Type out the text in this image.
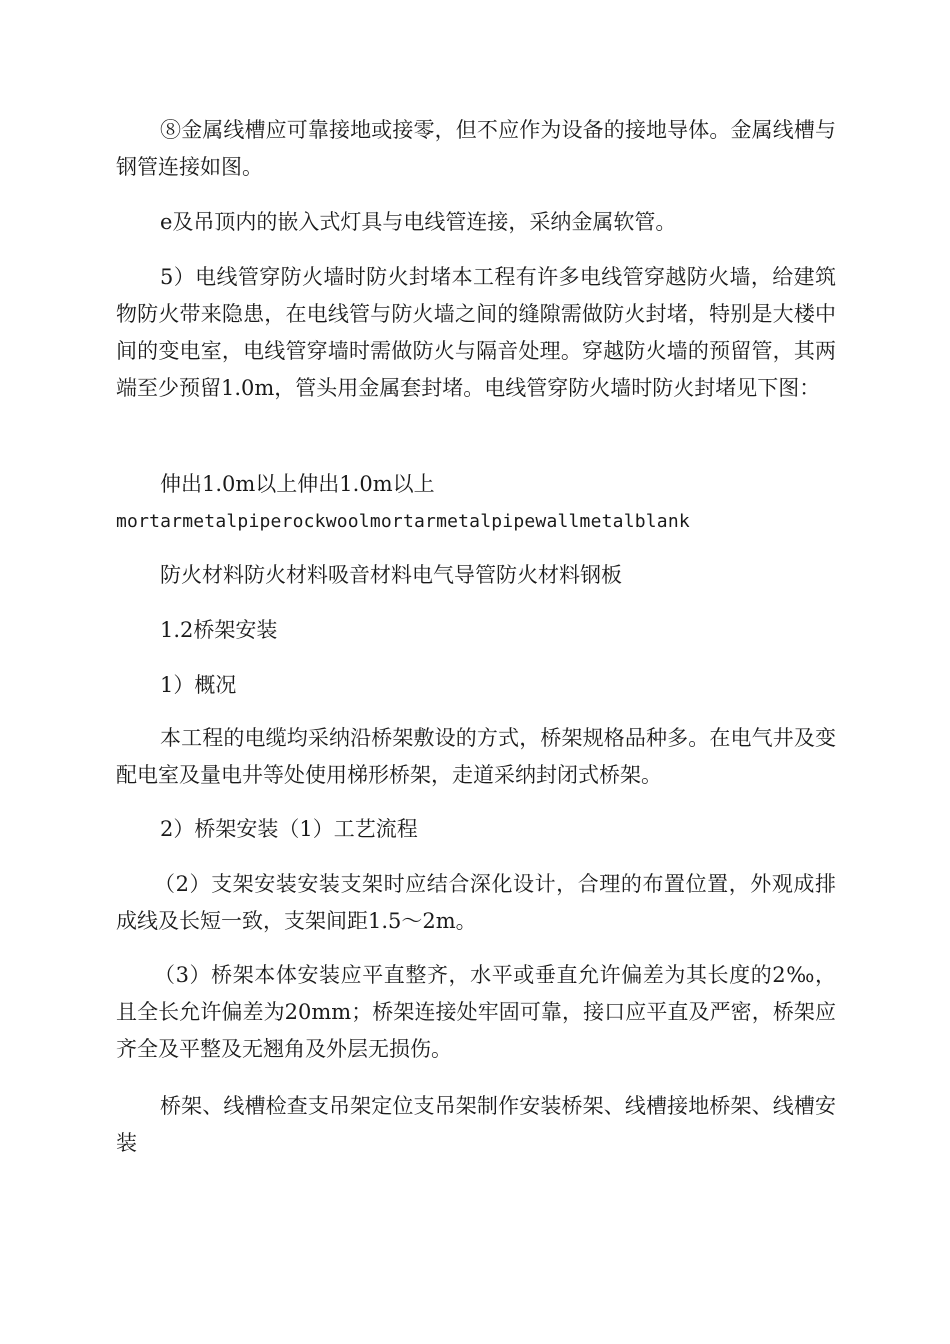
⑧金属线槽应可靠接地或接零，但不应作为设备的接地导体。金属线槽与钢管连接如图。

e及吊顶内的嵌入式灯具与电线管连接，采纳金属软管。

5）电线管穿防火墙时防火封堵本工程有许多电线管穿越防火墙，给建筑物防火带来隐患，在电线管与防火墙之间的缝隙需做防火封堵，特别是大楼中间的变电室，电线管穿墙时需做防火与隔音处理。穿越防火墙的预留管，其两端至少预留1.0m，管头用金属套封堵。电线管穿防火墙时防火封堵见下图：

伸出1.0m以上伸出1.0m以上

mortarmetalpiperockwoolmortarmetalpipewallmetalblank

防火材料防火材料吸音材料电气导管防火材料钢板

1.2桥架安装

1）概况

本工程的电缆均采纳沿桥架敷设的方式，桥架规格品种多。在电气井及变配电室及量电井等处使用梯形桥架，走道采纳封闭式桥架。

2）桥架安装（1）工艺流程

（2）支架安装安装支架时应结合深化设计，合理的布置位置，外观成排成线及长短一致，支架间距1.5～2m。

（3）桥架本体安装应平直整齐，水平或垂直允许偏差为其长度的2‰，且全长允许偏差为20mm；桥架连接处牢固可靠，接口应平直及严密，桥架应齐全及平整及无翘角及外层无损伤。

桥架、线槽检查支吊架定位支吊架制作安装桥架、线槽接地桥架、线槽安装
